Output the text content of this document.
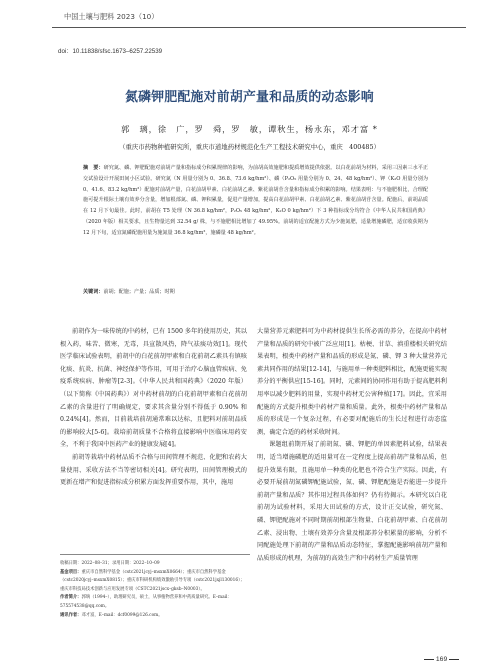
中国土壤与肥料 2023（10）
doi：10.11838/sfsc.1673–6257.22539
氮磷钾肥配施对前胡产量和品质的动态影响
郭　璃，徐　广，罗　舜，罗　敏，谭秋生，杨永东，邓才富 *
（重庆市药物种植研究所，重庆市道地药材规范化生产工程技术研究中心，重庆　400485）
摘　要：研究氮、磷、钾肥配施对前胡产量和指标成分积累规律的影响，为前胡高效施肥和提质增效提供依据。以白花前胡为材料，采用三因素三水平正交试验设计开展田间小区试验。研究氮（N 用量分别为 0、36.8、73.6 kg/hm²）、磷（P₂O₅ 用量分别为 0、24、48 kg/hm²）、钾（K₂O 用量分别为 0、41.6、83.2 kg/hm²）配施对前胡产量，白花前胡甲素、白花前胡乙素、紫花前胡苷含量和指标成分积累的影响。结果表明：与不施肥相比，合理配施可提升根际土壤有效养分含量，增加根部氮、磷、钾积累量，促进产量增加，提高白花前胡甲素、白花前胡乙素、紫花前胡苷含量。配施后，前胡品质在 12 月下旬最佳。此时，前胡在 T5 处理（N 36.8 kg/hm²，P₂O₅ 48 kg/hm²，K₂O 0 kg/hm²）下 3 种指标成分均符合《中华人民共和国药典》（2020 年版）相关要求，且生物量达到 32.54 g/ 株，与不施肥相比增加了 49.95%。前胡的适宜配施方式为少施氮肥，适量增施磷肥，适宜收获期为 12 月下旬，适宜氮磷配施用量为施氮量 36.8 kg/hm²，施磷量 48 kg/hm²。
关键词：前胡；配施；产量；品质；时期

前胡作为一味传统的中药材，已有 1500 多年的使用历史，其以根入药，味苦、微寒，无毒，具宣散风热，降气祛痰功效[1]。现代医学临床试验表明，前胡中的白花前胡甲素和白花前胡乙素具有镇咳化痰、抗炎、抗菌、神经保护等作用，可用于治疗心脑血管疾病、免疫系统疾病、肿瘤等[2-3]。《中华人民共和国药典》（2020 年版）（以下简称《中国药典》）对中药材前胡的白花前胡甲素和白花前胡乙素的含量进行了明确规定，要求其含量分别不得低于 0.90% 和 0.24%[4]。然而，目前栽培前胡通常难以达标，且肥料对前胡品质的影响较大[5-6]。栽培前胡质量不合格将直接影响中医临床用药安全，不利于我国中医药产业的健康发展[4]。

前胡等栽培中药材品质不合格与田间管理不规范、化肥和农药大量使用、采收方法不当等密切相关[4]。研究表明，田间管理模式的更新在增产和促进指标成分积累方面发挥重要作用，其中，施用

大量营养元素肥料可为中药材提供生长所必需的养分，在提高中药材产量和品质的研究中被广泛应用[1]。枯梗、甘草、滇重楼相关研究结果表明，根类中药材产量和品质的形成是氮、磷、钾 3 种大量营养元素共同作用的结果[12-14]，与施用单一种类肥料相比，配施更能实现养分的平衡供应[15-16]。同时，元素间的协同作用有助于提高肥料利用率以减少肥料的用量，实现中药材无公害种植[17]。因此，宜采用配施的方式提升根类中药材产量和质量。此外，根类中药材产量和品质的形成是一个复杂过程，有必要对配施后的生长过程进行动态监测，确定合适的药材采收时间。

课题组前期开展了前胡氮、磷、钾肥的单因素肥料试验，结果表明，适当增施磷肥的适用量可在一定程度上提高前胡产量和品质，但提升效果有限，且施用单一种类的化肥也不符合生产实际。因此，有必要开展前胡氮磷钾配施试验，氮、磷、钾肥配施是否能进一步提升前胡产量和品质？其作用过程具体如何？仍有待揭示。本研究以白花前胡为试验材料，采用大田试验的方式，设计正交试验，研究氮、磷、钾肥配施对不同时期前胡根部生物量、白花前胡甲素、白花前胡乙素、浸出物、土壤有效养分含量及根部养分积累量的影响，分析不同配施处理下前胡的产量和品质动态特征，掌握配施影响前胡产量和品质形成的机理，为前胡的高效生产和中药材生产质量管理

收稿日期：2022–08–31；录用日期：2022–10–09
基金项目：重庆市自然科学基金（cstc2021jcyj–msxmX0664）；重庆市自然科学基金（cstc2020jcyj–msxmX0815）；重庆市科研机构绩效激励引导专项（cstc2021jxjl130016）；重庆市科技局技术创新与应用发展专项（CSTC2021jscx–gksb–N0003）。
作者简介：郭璃（1994–），助理研究员，硕士，从事植物营养和中药质量研究。E–mail：575574538@qq.com。
通讯作者：邓才富，E–mail：dcf0099@126.com。
169
